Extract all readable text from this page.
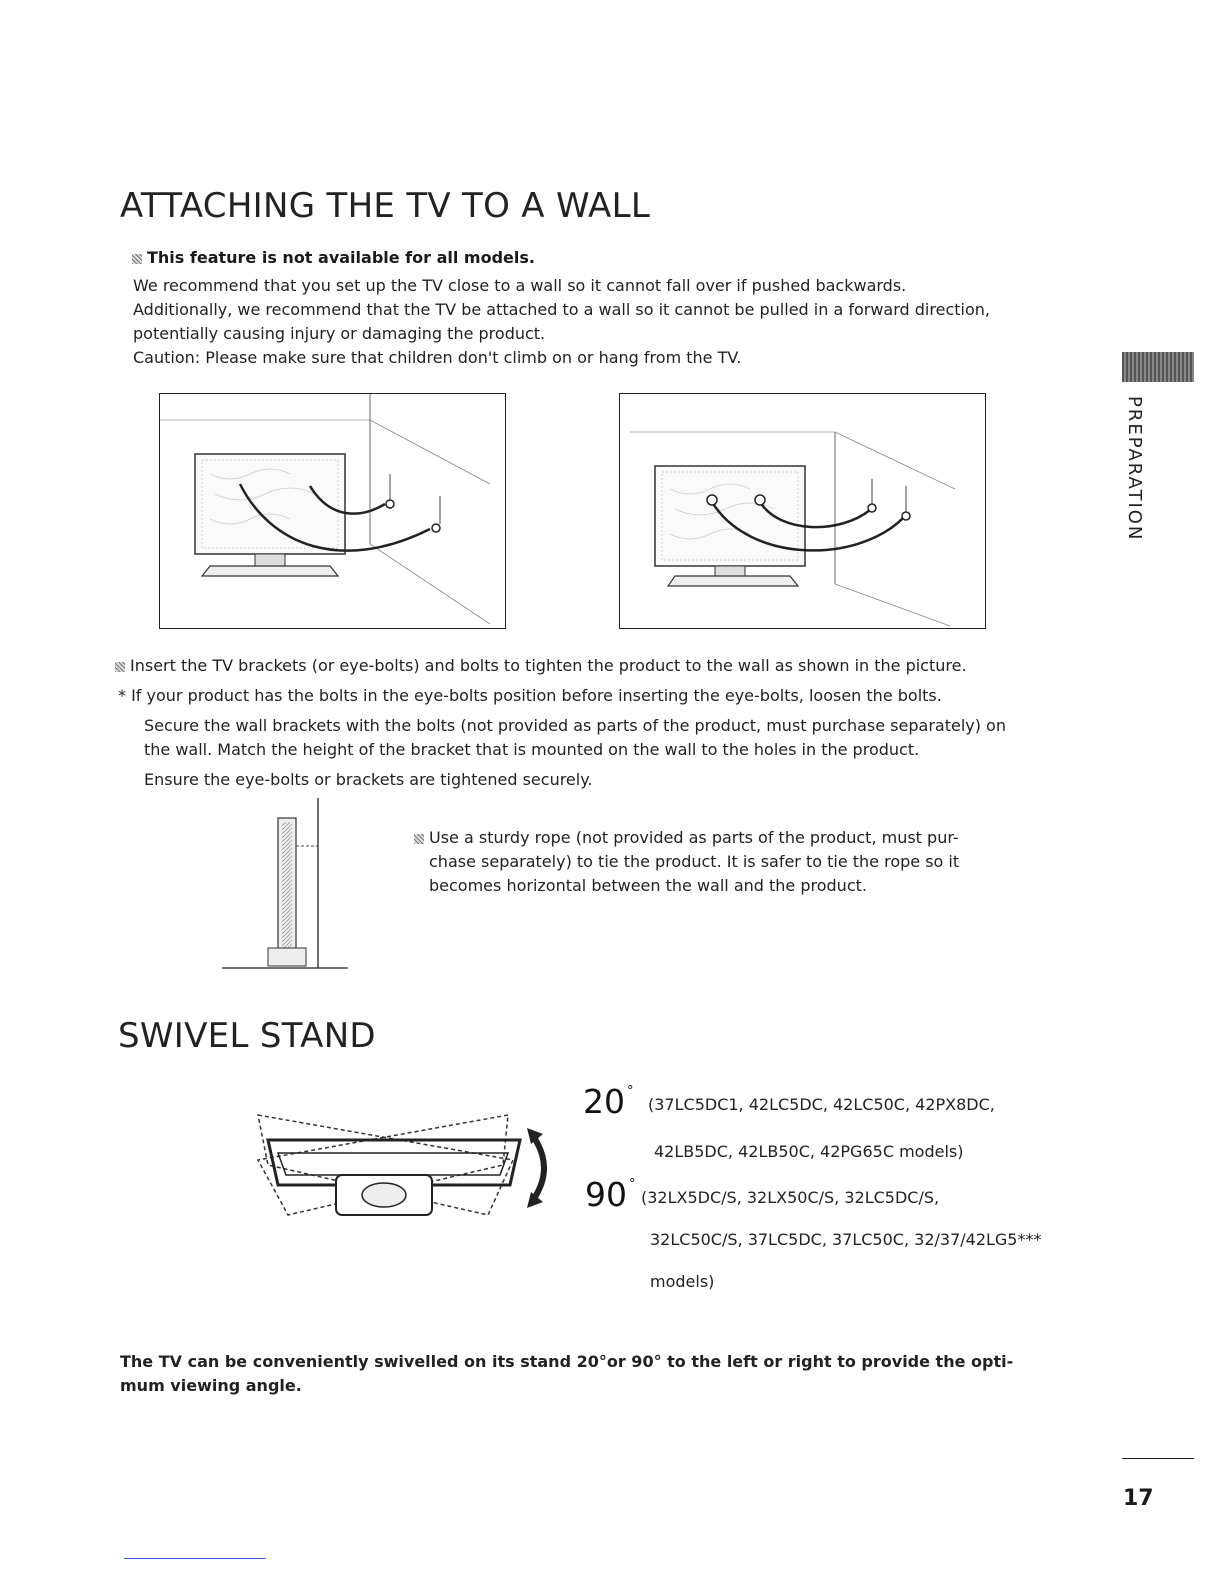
ATTACHING THE TV TO A WALL
This feature is not available for all models.
We recommend that you set up the TV close to a wall so it cannot fall over if pushed backwards.
Additionally, we recommend that the TV be attached to a wall so it cannot be pulled in a forward direction,
potentially causing injury or damaging the product.
Caution: Please make sure that children don't climb on or hang from the TV.
Insert the TV brackets (or eye-bolts) and bolts to tighten the product to the wall as shown in the picture.
* If your product has the bolts in the eye-bolts position before inserting the eye-bolts, loosen the bolts.
Secure the wall brackets with the bolts (not provided as parts of the product, must purchase separately) on
the wall. Match the height of the bracket that is mounted on the wall to the holes in the product.
Ensure the eye-bolts or brackets are tightened securely.
Use a sturdy rope (not provided as parts of the product, must pur-
chase separately) to tie the product. It is safer to tie the rope so it
becomes horizontal between the wall and the product.
SWIVEL STAND
20 °
(37LC5DC1, 42LC5DC, 42LC50C, 42PX8DC,
42LB5DC, 42LB50C, 42PG65C models)
90 °
(32LX5DC/S, 32LX50C/S, 32LC5DC/S,
32LC50C/S, 37LC5DC, 37LC50C, 32/37/42LG5***
models)
The TV can be conveniently swivelled on its stand 20°or 90° to the left or right to provide the opti-
mum viewing angle.
PREPARATION
17
